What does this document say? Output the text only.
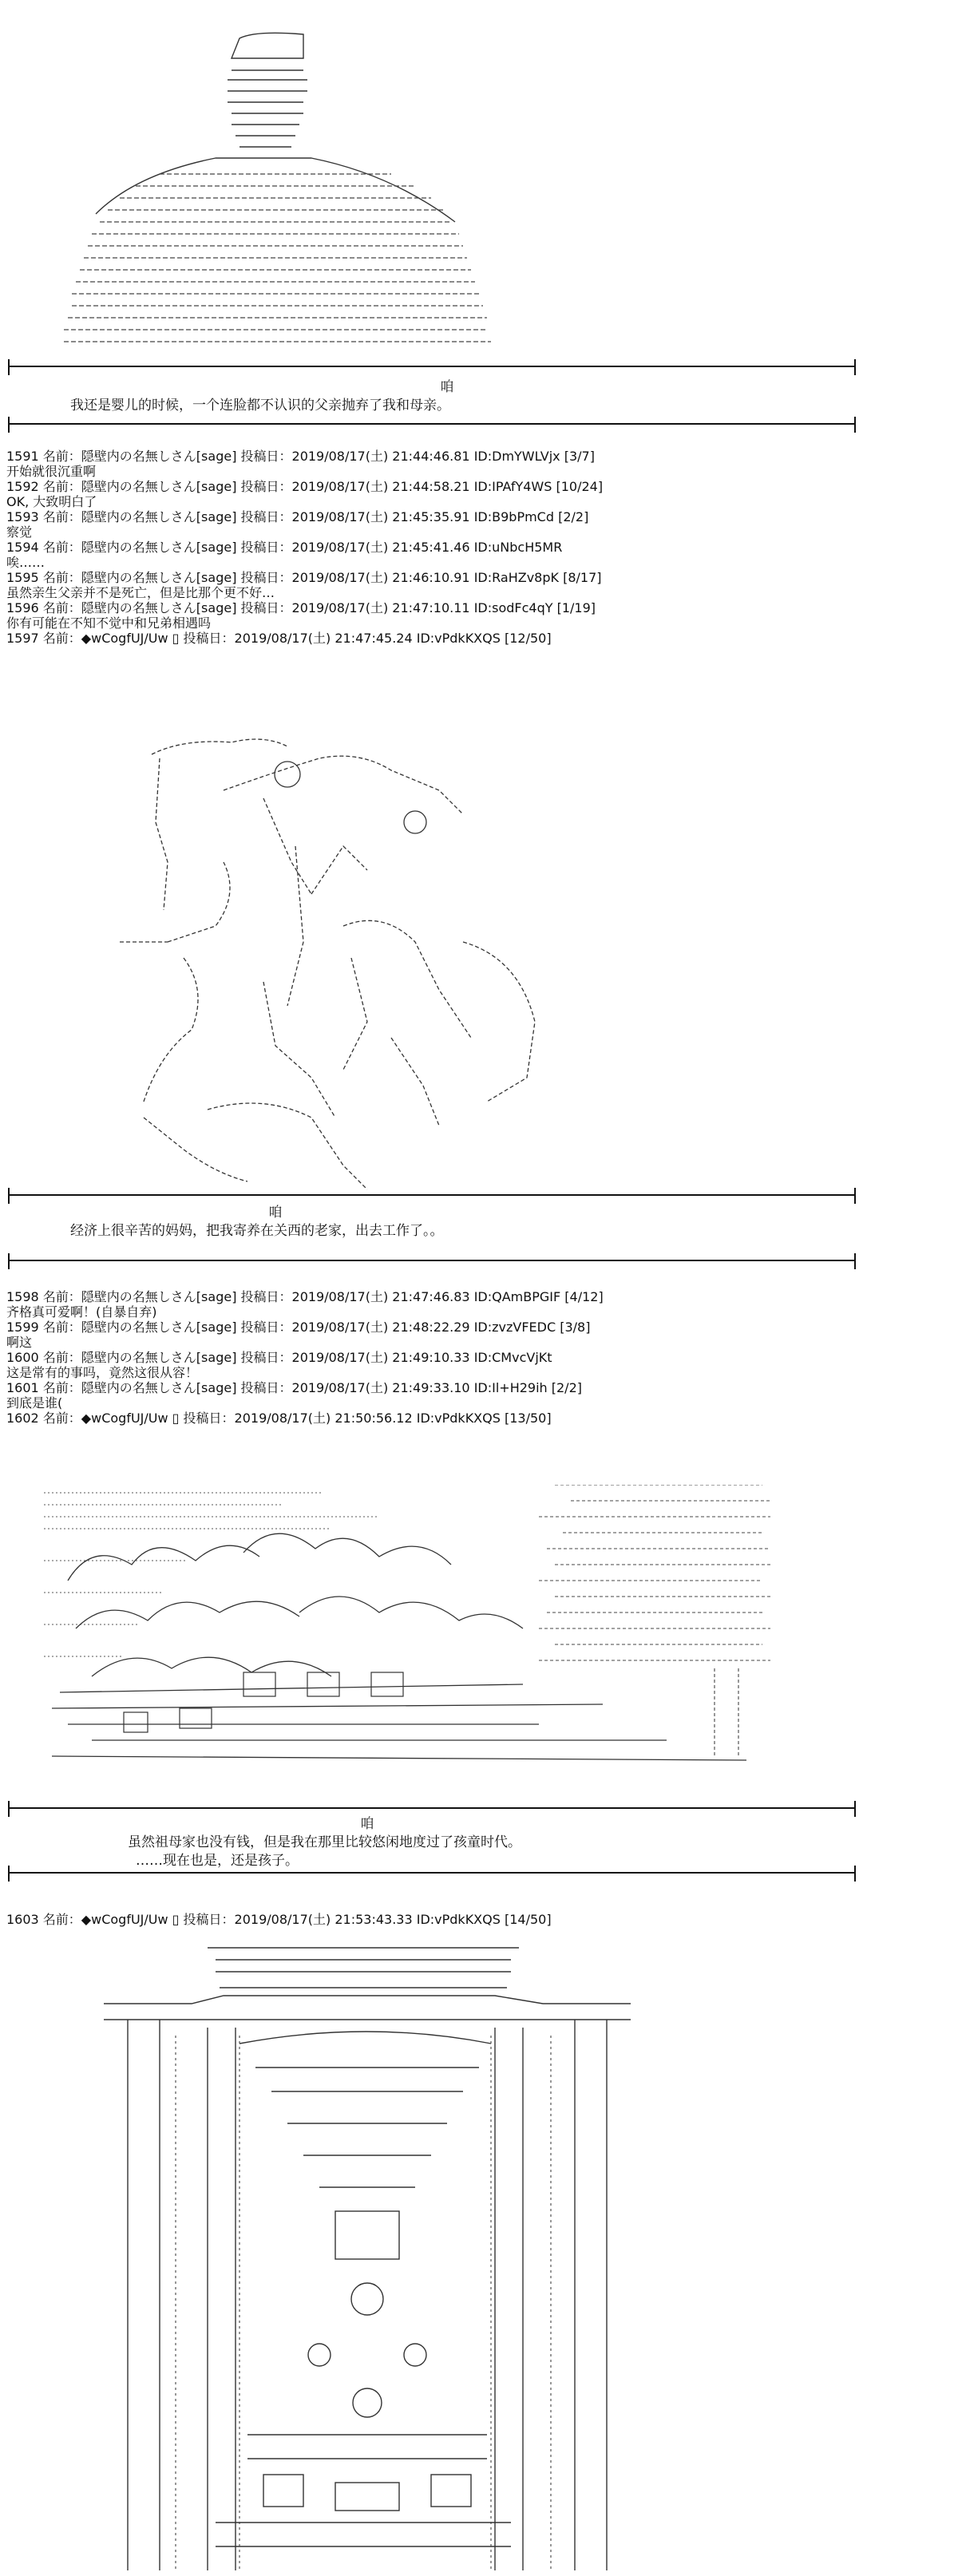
咱
我还是婴儿的时候，一个连脸都不认识的父亲抛弃了我和母亲。
1591 名前：隠壁内の名無しさん[sage] 投稿日：2019/08/17(土) 21:44:46.81 ID:DmYWLVjx [3/7]
开始就很沉重啊
1592 名前：隠壁内の名無しさん[sage] 投稿日：2019/08/17(土) 21:44:58.21 ID:IPAfY4WS [10/24]
OK, 大致明白了
1593 名前：隠壁内の名無しさん[sage] 投稿日：2019/08/17(土) 21:45:35.91 ID:B9bPmCd [2/2]
察觉
1594 名前：隠壁内の名無しさん[sage] 投稿日：2019/08/17(土) 21:45:41.46 ID:uNbcH5MR
唉……
1595 名前：隠壁内の名無しさん[sage] 投稿日：2019/08/17(土) 21:46:10.91 ID:RaHZv8pK [8/17]
虽然亲生父亲并不是死亡，但是比那个更不好…
1596 名前：隠壁内の名無しさん[sage] 投稿日：2019/08/17(土) 21:47:10.11 ID:sodFc4qY [1/19]
你有可能在不知不觉中和兄弟相遇吗
1597 名前：◆wCogfUJ/Uw ▯ 投稿日：2019/08/17(土) 21:47:45.24 ID:vPdkKXQS [12/50]
咱
经济上很辛苦的妈妈，把我寄养在关西的老家，出去工作了。。
1598 名前：隠壁内の名無しさん[sage] 投稿日：2019/08/17(土) 21:47:46.83 ID:QAmBPGIF [4/12]
齐格真可爱啊！(自暴自弃)
1599 名前：隠壁内の名無しさん[sage] 投稿日：2019/08/17(土) 21:48:22.29 ID:zvzVFEDC [3/8]
啊这
1600 名前：隠壁内の名無しさん[sage] 投稿日：2019/08/17(土) 21:49:10.33 ID:CMvcVjKt
这是常有的事吗，竟然这很从容！
1601 名前：隠壁内の名無しさん[sage] 投稿日：2019/08/17(土) 21:49:33.10 ID:Il+H29ih [2/2]
到底是谁(
1602 名前：◆wCogfUJ/Uw ▯ 投稿日：2019/08/17(土) 21:50:56.12 ID:vPdkKXQS [13/50]
咱
虽然祖母家也没有钱，但是我在那里比较悠闲地度过了孩童时代。
……现在也是，还是孩子。
1603 名前：◆wCogfUJ/Uw ▯ 投稿日：2019/08/17(土) 21:53:43.33 ID:vPdkKXQS [14/50]
